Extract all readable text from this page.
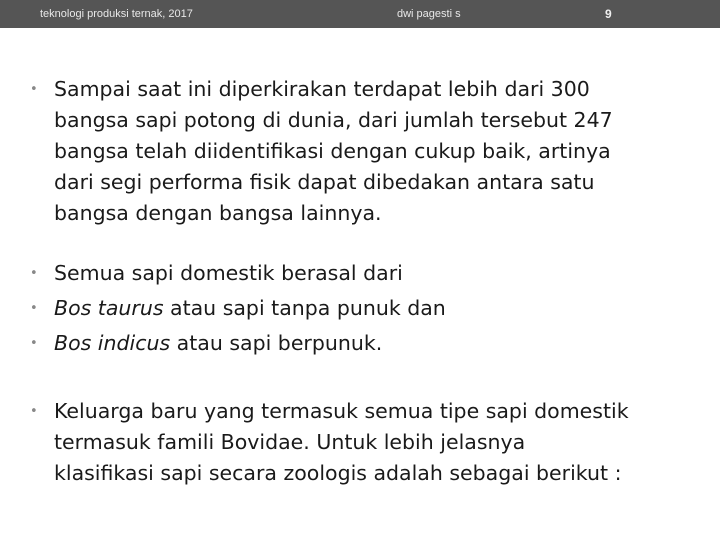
teknologi produksi ternak, 2017	dwi pagesti s	9
• Sampai saat ini diperkirakan terdapat lebih dari 300
bangsa sapi potong di dunia, dari jumlah tersebut 247
bangsa telah diidentifikasi dengan cukup baik, artinya
dari segi performa fisik dapat dibedakan antara satu
bangsa dengan bangsa lainnya.
• Semua sapi domestik berasal dari
• Bos taurus atau sapi tanpa punuk dan
• Bos indicus atau sapi berpunuk.
• Keluarga baru yang termasuk semua tipe sapi domestik
termasuk famili Bovidae. Untuk lebih jelasnya
klasifikasi sapi secara zoologis adalah sebagai berikut :
